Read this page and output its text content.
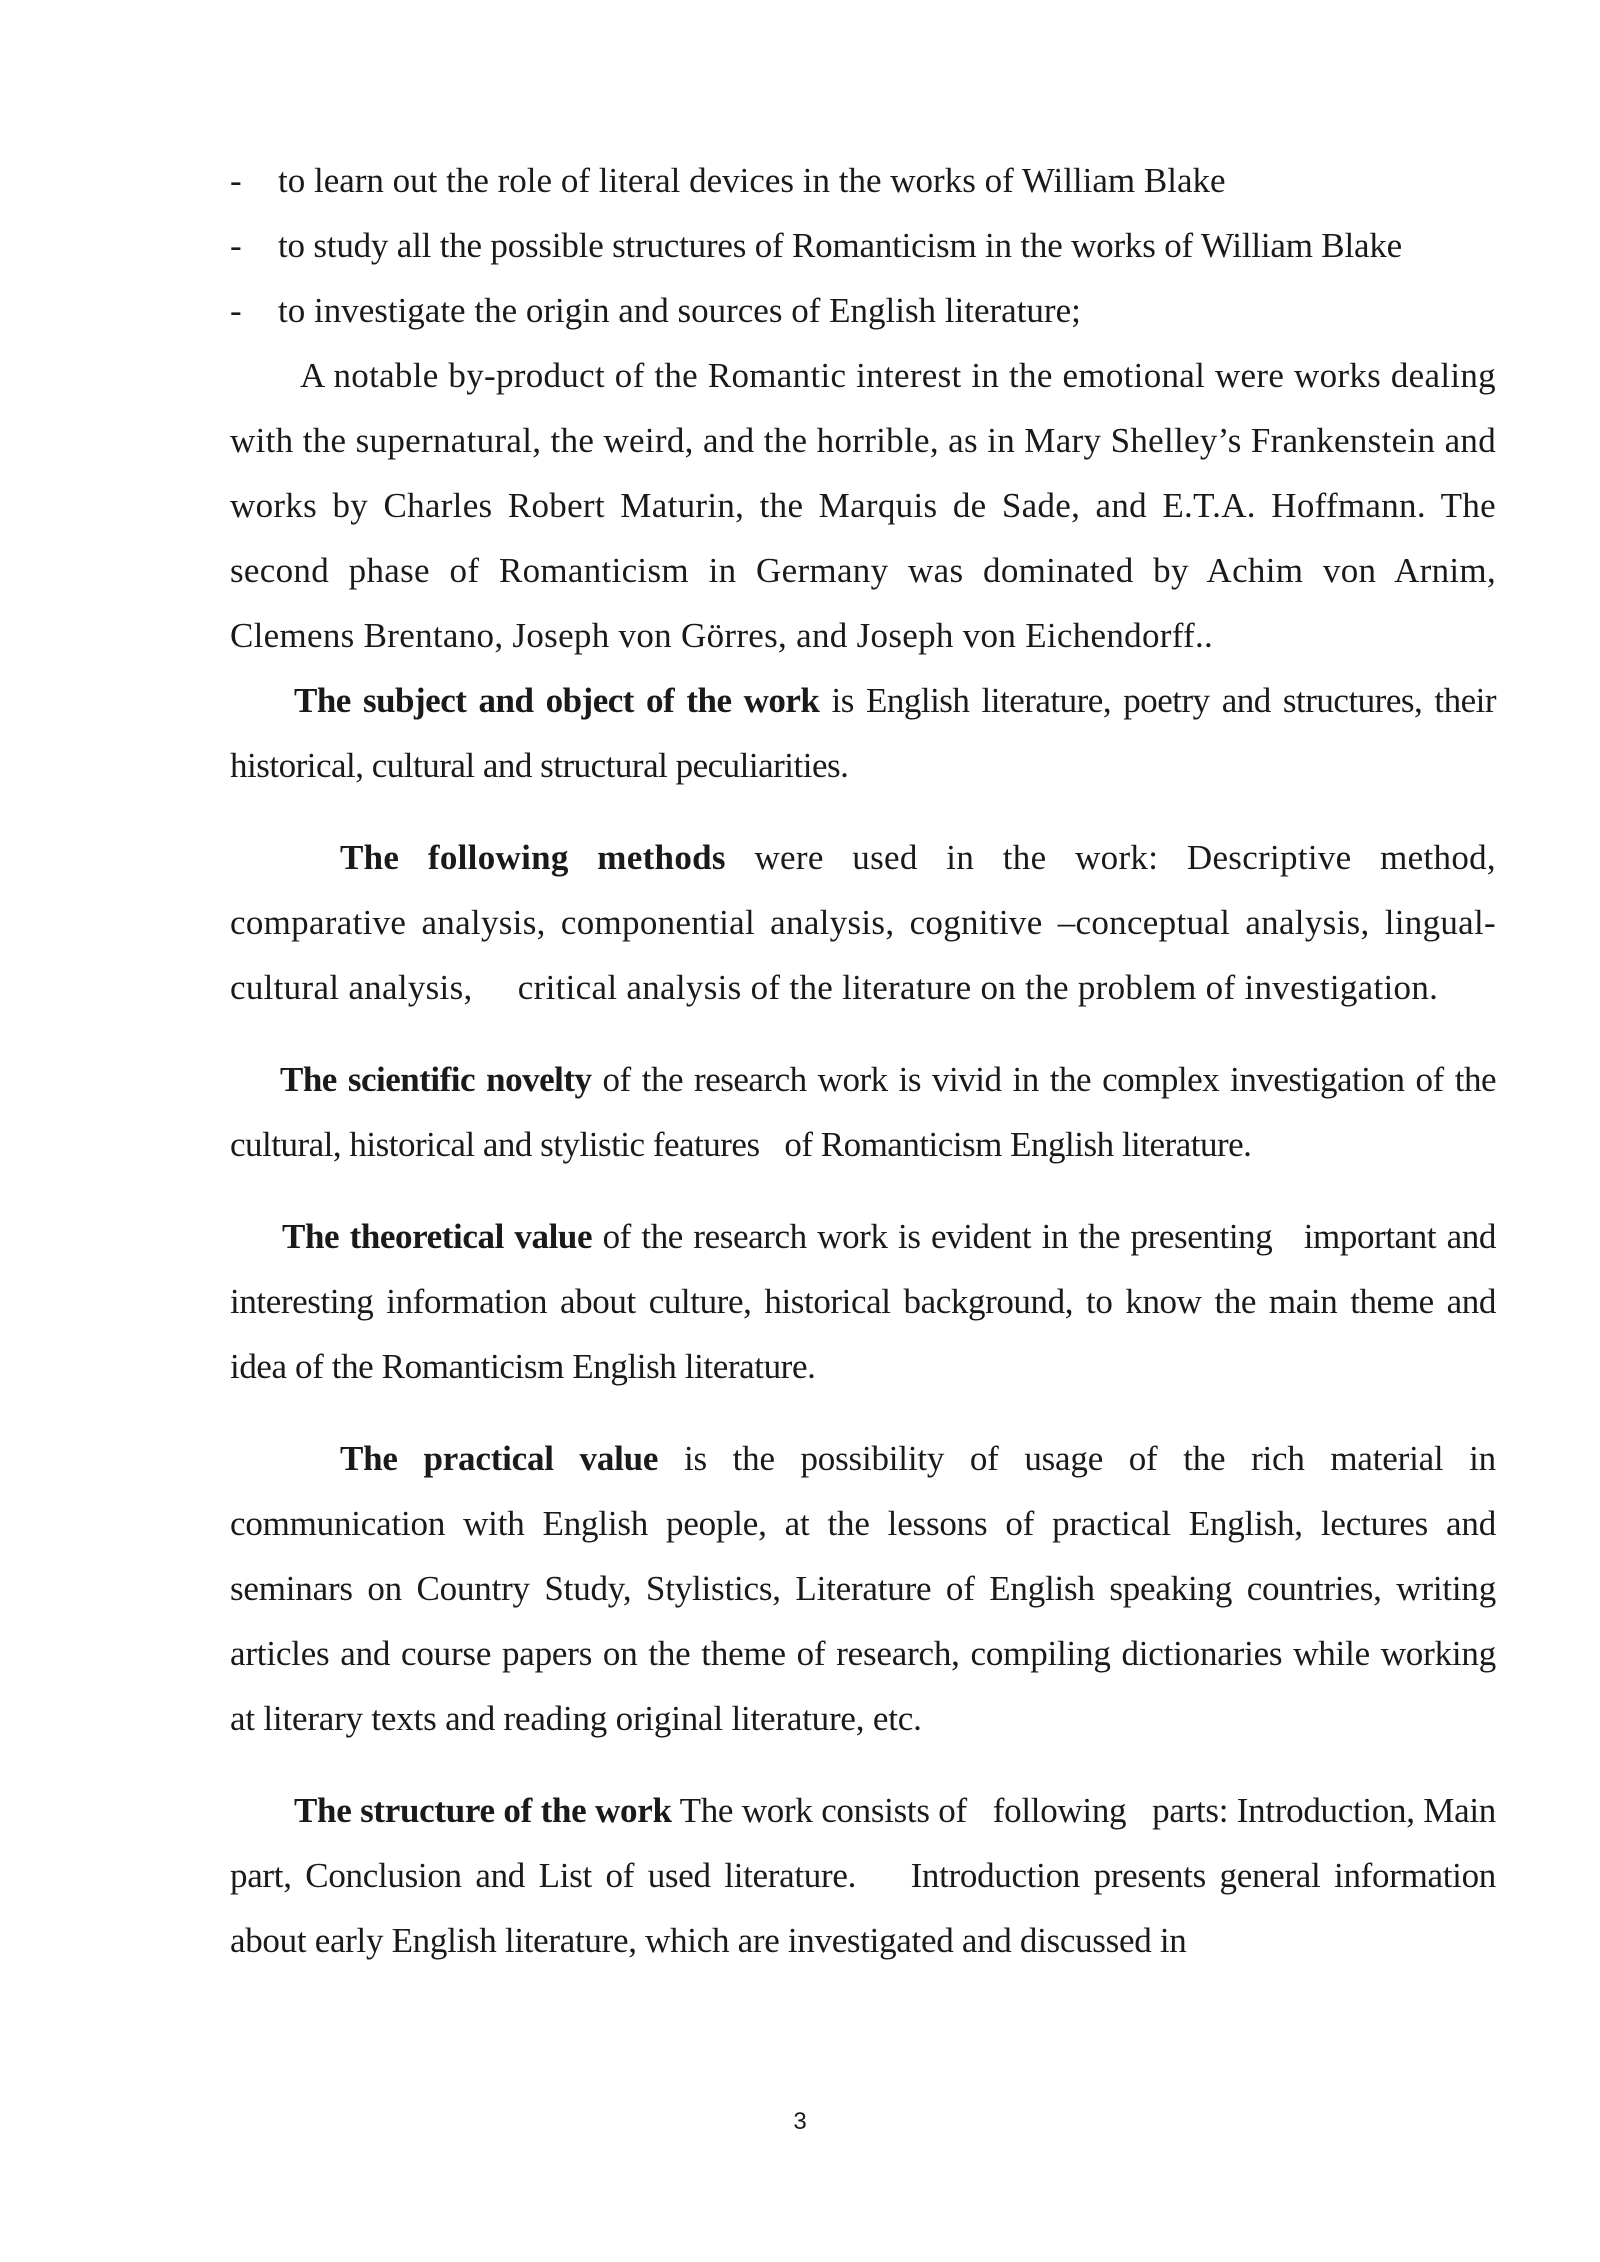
-	to learn out the role of literal devices in the works of William Blake
-	to study all the possible structures of Romanticism in the works of William Blake
-	to investigate the origin and sources of English literature;

A notable by-product of the Romantic interest in the emotional were works dealing with the supernatural, the weird, and the horrible, as in Mary Shelley’s Frankenstein and works by Charles Robert Maturin, the Marquis de Sade, and E.T.A. Hoffmann. The second phase of Romanticism in Germany was dominated by Achim von Arnim, Clemens Brentano, Joseph von Görres, and Joseph von Eichendorff..

The subject and object of the work is English literature, poetry and structures, their historical, cultural and structural peculiarities.

The following methods were used in the work: Descriptive method, comparative analysis, componential analysis, cognitive –conceptual analysis, lingual-cultural analysis,     critical analysis of the literature on the problem of investigation.

The scientific novelty of the research work is vivid in the complex investigation of the cultural, historical and stylistic features   of Romanticism English literature.

The theoretical value of the research work is evident in the presenting   important and interesting information about culture, historical background, to know the main theme and idea of the Romanticism English literature.

The practical value is the possibility of usage of the rich material in communication with English people, at the lessons of practical English, lectures and seminars on Country Study, Stylistics, Literature of English speaking countries, writing articles and course papers on the theme of research, compiling dictionaries while working at literary texts and reading original literature, etc.

The structure of the work The work consists of   following   parts: Introduction, Main part, Conclusion and List of used literature.    Introduction presents general information about early English literature, which are investigated and discussed in

3
